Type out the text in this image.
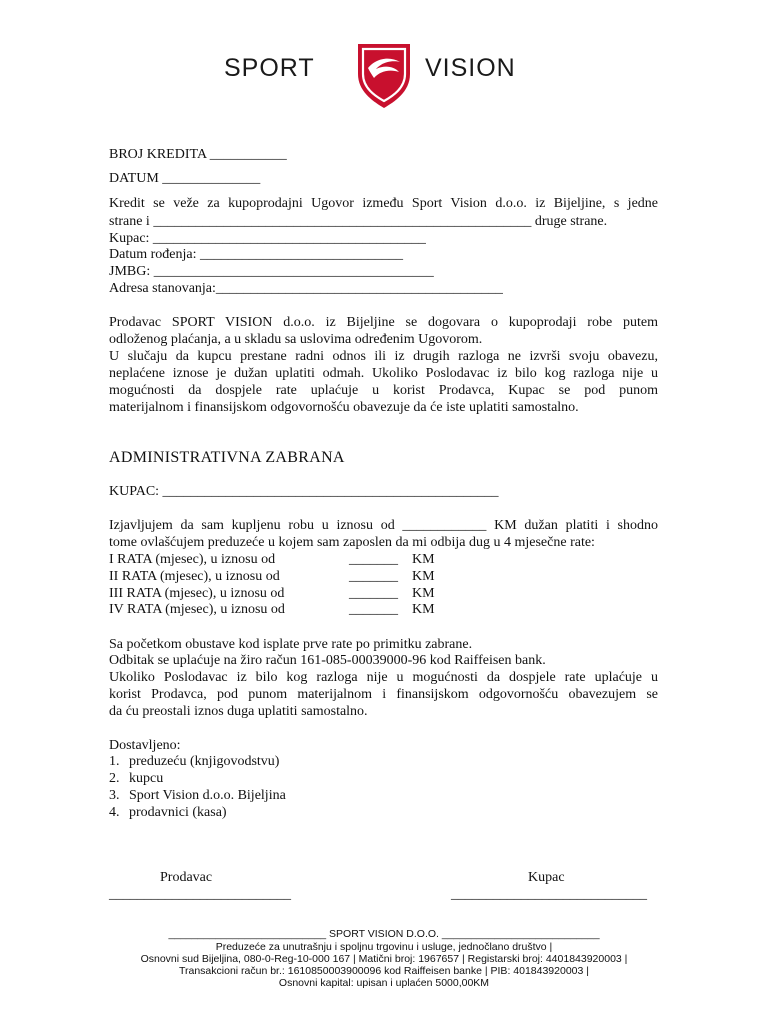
SPORT	VISION
BROJ KREDITA ___________
DATUM ______________
Kredit se veže za kupoprodajni Ugovor između Sport Vision d.o.o. iz Bijeljine, s jedne
strane i ______________________________________________________ druge strane.
Kupac: _______________________________________
Datum rođenja: _____________________________
JMBG: ________________________________________
Adresa stanovanja:_________________________________________
Prodavac SPORT VISION d.o.o. iz Bijeljine se dogovara o kupoprodaji robe putem
odloženog plaćanja, a u skladu sa uslovima određenim Ugovorom.
U slučaju da kupcu prestane radni odnos ili iz drugih razloga ne izvrši svoju obavezu,
neplaćene iznose je dužan uplatiti odmah. Ukoliko Poslodavac iz bilo kog razloga nije u
mogućnosti da dospjele rate uplaćuje u korist Prodavca, Kupac se pod punom
materijalnom i finansijskom odgovornošću obavezuje da će iste uplatiti samostalno.
ADMINISTRATIVNA ZABRANA
KUPAC: ________________________________________________
Izjavljujem da sam kupljenu robu u iznosu od ____________ KM dužan platiti i shodno
tome ovlašćujem preduzeće u kojem sam zaposlen da mi odbija dug u 4 mjesečne rate:
I RATA (mjesec), u iznosu od	_______ KM
II RATA (mjesec), u iznosu od	_______ KM
III RATA (mjesec), u iznosu od	_______ KM
IV RATA (mjesec), u iznosu od	_______ KM
Sa početkom obustave kod isplate prve rate po primitku zabrane.
Odbitak se uplaćuje na žiro račun 161-085-00039000-96 kod Raiffeisen bank.
Ukoliko Poslodavac iz bilo kog razloga nije u mogućnosti da dospjele rate uplaćuje u
korist Prodavca, pod punom materijalnom i finansijskom odgovornošću obavezujem se
da ću preostali iznos duga uplatiti samostalno.
Dostavljeno:
1. preduzeću (knjigovodstvu)
2. kupcu
3. Sport Vision d.o.o. Bijeljina
4. prodavnici (kasa)
Prodavac	Kupac
__________________________	____________________________
___________________________ SPORT VISION D.O.O. ___________________________
Preduzeće za unutrašnju i spoljnu trgovinu i usluge, jednočlano društvo |
Osnovni sud Bijeljina, 080-0-Reg-10-000 167 | Matični broj: 1967657 | Registarski broj: 4401843920003 |
Transakcioni račun br.: 1610850003900096 kod Raiffeisen banke | PIB: 401843920003 |
Osnovni kapital: upisan i uplaćen 5000,00KM
